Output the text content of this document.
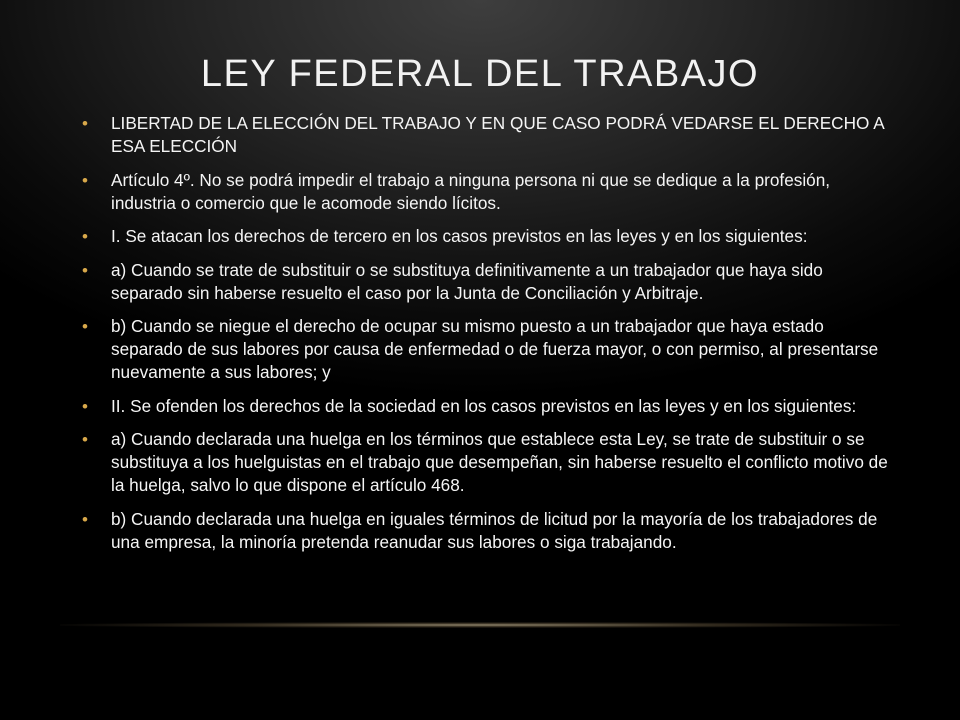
LEY FEDERAL DEL TRABAJO
• LIBERTAD DE LA ELECCIÓN DEL TRABAJO Y EN QUE CASO PODRÁ VEDARSE EL DERECHO A ESA ELECCIÓN
• Artículo 4º. No se podrá impedir el trabajo a ninguna persona ni que se dedique a la profesión, industria o comercio que le acomode siendo lícitos.
• I. Se atacan los derechos de tercero en los casos previstos en las leyes y en los siguientes:
• a) Cuando se trate de substituir o se substituya definitivamente a un trabajador que haya sido separado sin haberse resuelto el caso por la Junta de Conciliación y Arbitraje.
• b) Cuando se niegue el derecho de ocupar su mismo puesto a un trabajador que haya estado separado de sus labores por causa de enfermedad o de fuerza mayor, o con permiso, al presentarse nuevamente a sus labores; y
• II. Se ofenden los derechos de la sociedad en los casos previstos en las leyes y en los siguientes:
• a) Cuando declarada una huelga en los términos que establece esta Ley, se trate de substituir o se substituya a los huelguistas en el trabajo que desempeñan, sin haberse resuelto el conflicto motivo de la huelga, salvo lo que dispone el artículo 468.
• b) Cuando declarada una huelga en iguales términos de licitud por la mayoría de los trabajadores de una empresa, la minoría pretenda reanudar sus labores o siga trabajando.
